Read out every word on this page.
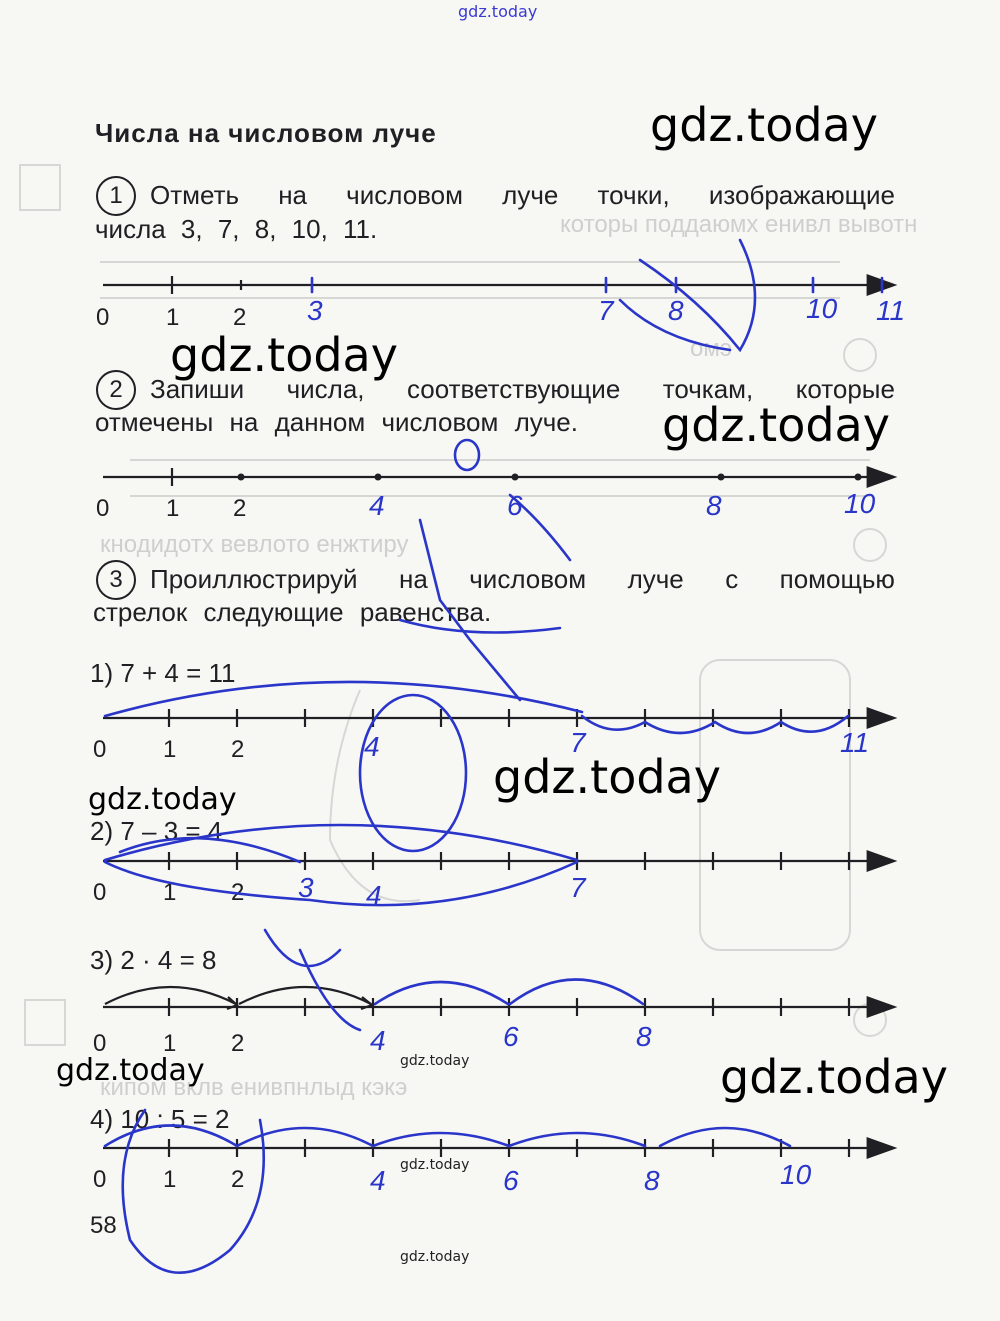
которы поддаюмх енивл вывотн
омэ
кнодидотх вевлото енжтиру
кипом вклв енивпнлыд кэкэ
gdz.today
Числа на числовом луче
1	Отметь на числовом луче точки, изображающие
числа 3, 7, 8, 10, 11.
2	Запиши числа, соответствующие точкам, которые
отмечены на данном числовом луче.
3	Проиллюстрируй на числовом луче с помощью
стрелок следующие равенства.
1) 7 + 4 = 11
2) 7 – 3 = 4
3) 2 · 4 = 8
4) 10 : 5 = 2
0 1 2
0 1 2
0 1 2
0 1 2
0 1 2
0 1 2
58
3	7 8	10 11
4	6	8	10
4	7	11
3 4	7
4	6	8
4	6	8	10
gdz.today
gdz.today
gdz.today
gdz.today
gdz.today
gdz.today	gdz.today
gdz.today
gdz.today
gdz.today
